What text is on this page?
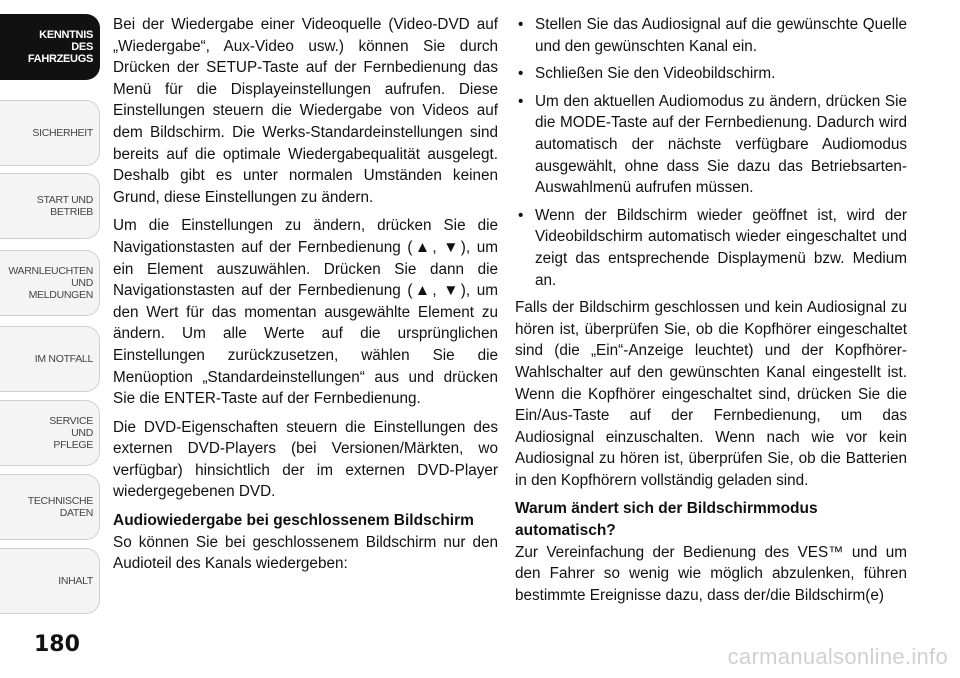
KENNTNIS
DES
FAHRZEUGS
SICHERHEIT
START UND
BETRIEB
WARNLEUCHTEN
UND
MELDUNGEN
IM NOTFALL
SERVICE
UND
PFLEGE
TECHNISCHE
DATEN
INHALT
180

Bei der Wiedergabe einer Videoquelle (Video-DVD auf „Wiedergabe“, Aux-Video usw.) können Sie durch Drücken der SETUP-Taste auf der Fernbedienung das Menü für die Displayeinstellungen aufrufen. Diese Einstellungen steuern die Wiedergabe von Videos auf dem Bildschirm. Die Werks-Standardeinstellungen sind bereits auf die optimale Wiedergabequalität ausgelegt. Deshalb gibt es unter normalen Umständen keinen Grund, diese Einstellungen zu ändern.

Um die Einstellungen zu ändern, drücken Sie die Navigationstasten auf der Fernbedienung (▲, ▼), um ein Element auszuwählen. Drücken Sie dann die Navigationstasten auf der Fernbedienung (▲, ▼), um den Wert für das momentan ausgewählte Element zu ändern. Um alle Werte auf die ursprünglichen Einstellungen zurückzusetzen, wählen Sie die Menüoption „Standardeinstellungen“ aus und drücken Sie die ENTER-Taste auf der Fernbedienung.

Die DVD-Eigenschaften steuern die Einstellungen des externen DVD-Players (bei Versionen/Märkten, wo verfügbar) hinsichtlich der im externen DVD-Player wiedergegebenen DVD.

Audiowiedergabe bei geschlossenem Bildschirm

So können Sie bei geschlossenem Bildschirm nur den Audioteil des Kanals wiedergeben:

• Stellen Sie das Audiosignal auf die gewünschte Quelle und den gewünschten Kanal ein.
• Schließen Sie den Videobildschirm.
• Um den aktuellen Audiomodus zu ändern, drücken Sie die MODE-Taste auf der Fernbedienung. Dadurch wird automatisch der nächste verfügbare Audiomodus ausgewählt, ohne dass Sie dazu das Betriebsarten-Auswahlmenü aufrufen müssen.
• Wenn der Bildschirm wieder geöffnet ist, wird der Videobildschirm automatisch wieder eingeschaltet und zeigt das entsprechende Displaymenü bzw. Medium an.

Falls der Bildschirm geschlossen und kein Audiosignal zu hören ist, überprüfen Sie, ob die Kopfhörer eingeschaltet sind (die „Ein“-Anzeige leuchtet) und der Kopfhörer-Wahlschalter auf den gewünschten Kanal eingestellt ist. Wenn die Kopfhörer eingeschaltet sind, drücken Sie die Ein/Aus-Taste auf der Fernbedienung, um das Audiosignal einzuschalten. Wenn nach wie vor kein Audiosignal zu hören ist, überprüfen Sie, ob die Batterien in den Kopfhörern vollständig geladen sind.

Warum ändert sich der Bildschirmmodus automatisch?

Zur Vereinfachung der Bedienung des VES™ und um den Fahrer so wenig wie möglich abzulenken, führen bestimmte Ereignisse dazu, dass der/die Bildschirm(e)

carmanualsonline.info
